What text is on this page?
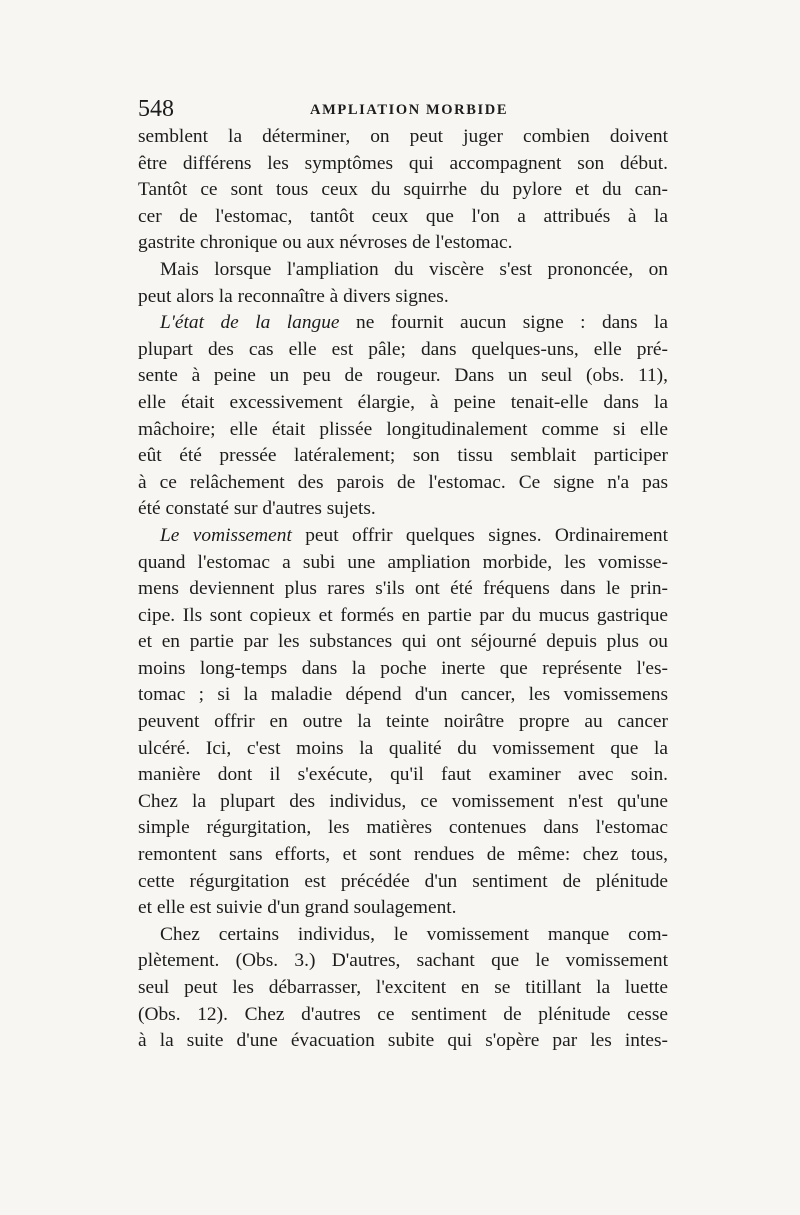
548	AMPLIATION MORBIDE
semblent la déterminer, on peut juger combien doivent
être différens les symptômes qui accompagnent son début.
Tantôt ce sont tous ceux du squirrhe du pylore et du can-
cer de l'estomac, tantôt ceux que l'on a attribués à la
gastrite chronique ou aux névroses de l'estomac.
Mais lorsque l'ampliation du viscère s'est prononcée, on
peut alors la reconnaître à divers signes.
L'état de la langue ne fournit aucun signe : dans la
plupart des cas elle est pâle; dans quelques-uns, elle pré-
sente à peine un peu de rougeur. Dans un seul (obs. 11),
elle était excessivement élargie, à peine tenait-elle dans la
mâchoire; elle était plissée longitudinalement comme si elle
eût été pressée latéralement; son tissu semblait participer
à ce relâchement des parois de l'estomac. Ce signe n'a pas
été constaté sur d'autres sujets.
Le vomissement peut offrir quelques signes. Ordinairement
quand l'estomac a subi une ampliation morbide, les vomisse-
mens deviennent plus rares s'ils ont été fréquens dans le prin-
cipe. Ils sont copieux et formés en partie par du mucus gastrique
et en partie par les substances qui ont séjourné depuis plus ou
moins long-temps dans la poche inerte que représente l'es-
tomac ; si la maladie dépend d'un cancer, les vomissemens
peuvent offrir en outre la teinte noirâtre propre au cancer
ulcéré. Ici, c'est moins la qualité du vomissement que la
manière dont il s'exécute, qu'il faut examiner avec soin.
Chez la plupart des individus, ce vomissement n'est qu'une
simple régurgitation, les matières contenues dans l'estomac
remontent sans efforts, et sont rendues de même: chez tous,
cette régurgitation est précédée d'un sentiment de plénitude
et elle est suivie d'un grand soulagement.
Chez certains individus, le vomissement manque com-
plètement. (Obs. 3.) D'autres, sachant que le vomissement
seul peut les débarrasser, l'excitent en se titillant la luette
(Obs. 12). Chez d'autres ce sentiment de plénitude cesse
à la suite d'une évacuation subite qui s'opère par les intes-
